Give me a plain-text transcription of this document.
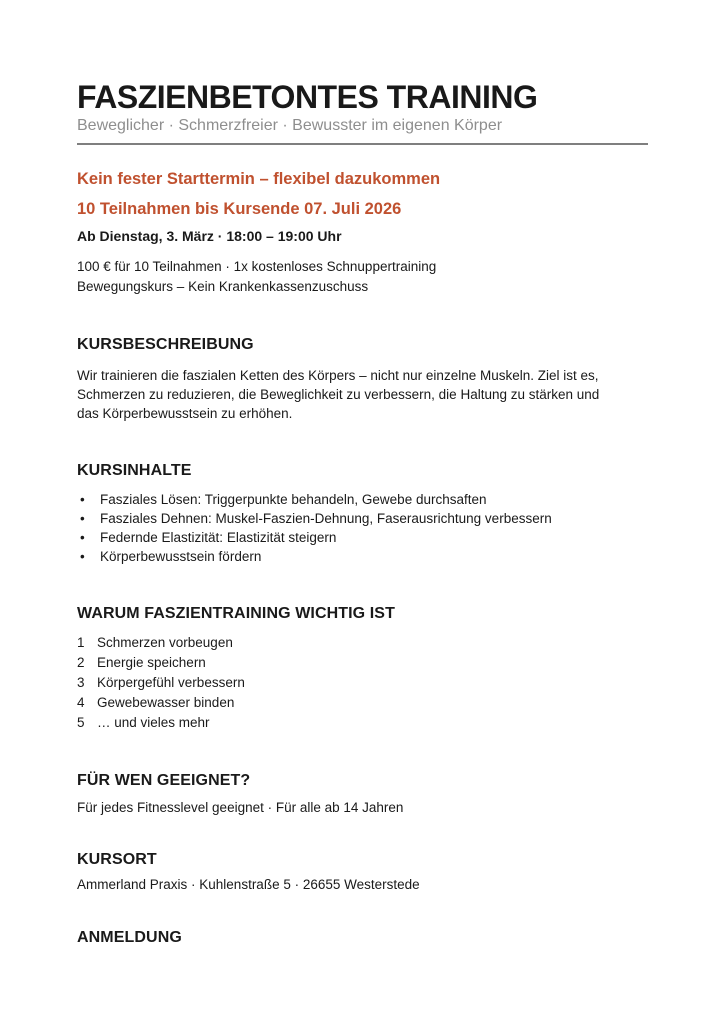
FASZIENBETONTES TRAINING
Beweglicher · Schmerzfreier · Bewusster im eigenen Körper
Kein fester Starttermin – flexibel dazukommen
10 Teilnahmen bis Kursende 07. Juli 2026
Ab Dienstag, 3. März · 18:00 – 19:00 Uhr
100 € für 10 Teilnahmen · 1x kostenloses Schnuppertraining
Bewegungskurs – Kein Krankenkassenzuschuss
KURSBESCHREIBUNG
Wir trainieren die faszialen Ketten des Körpers – nicht nur einzelne Muskeln. Ziel ist es,
Schmerzen zu reduzieren, die Beweglichkeit zu verbessern, die Haltung zu stärken und
das Körperbewusstsein zu erhöhen.
KURSINHALTE
•	Fasziales Lösen: Triggerpunkte behandeln, Gewebe durchsaften
•	Fasziales Dehnen: Muskel-Faszien-Dehnung, Faserausrichtung verbessern
•	Federnde Elastizität: Elastizität steigern
•	Körperbewusstsein fördern
WARUM FASZIENTRAINING WICHTIG IST
1 Schmerzen vorbeugen
2 Energie speichern
3 Körpergefühl verbessern
4 Gewebewasser binden
5 … und vieles mehr
FÜR WEN GEEIGNET?
Für jedes Fitnesslevel geeignet · Für alle ab 14 Jahren
KURSORT
Ammerland Praxis · Kuhlenstraße 5 · 26655 Westerstede
ANMELDUNG
